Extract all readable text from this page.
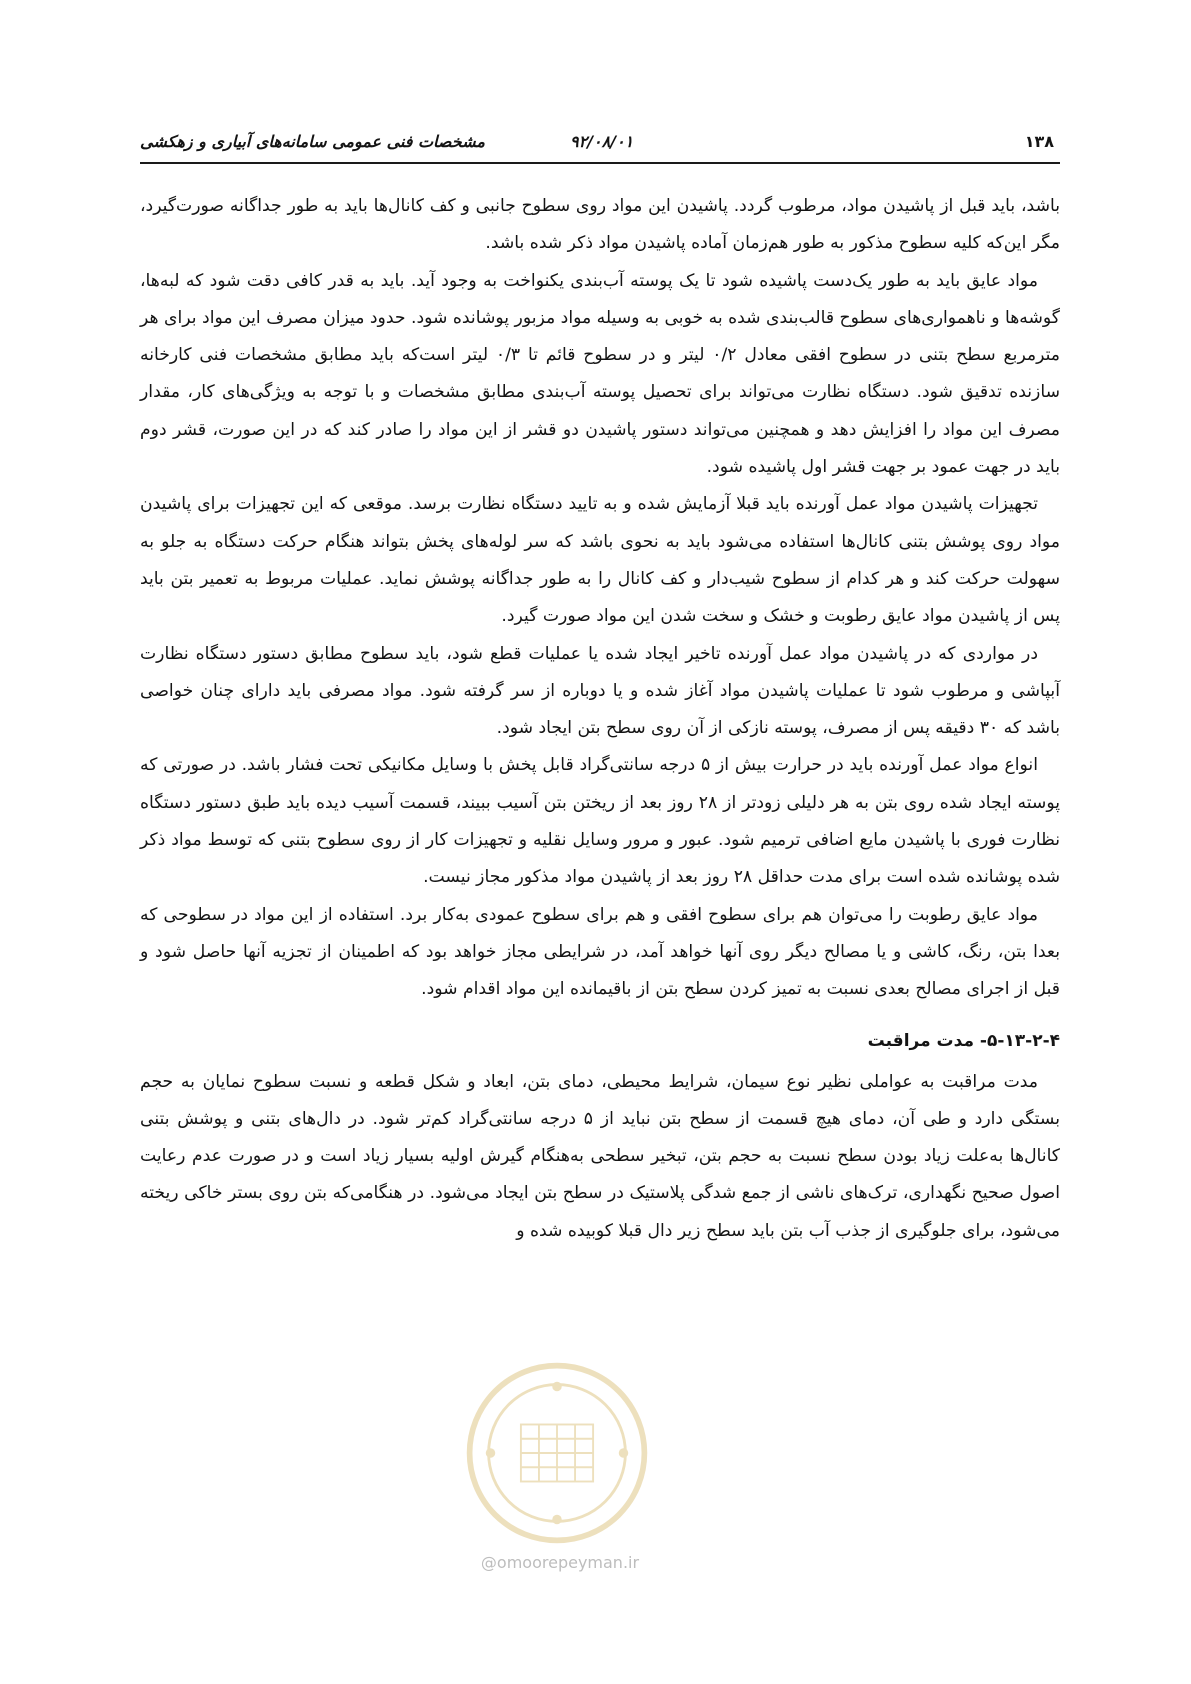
۱۳۸
۹۲/۰۸/۰۱
مشخصات فنی عمومی سامانه‌های آبیاری و زهکشی

باشد، باید قبل از پاشیدن مواد، مرطوب گردد. پاشیدن این مواد روی سطوح جانبی و کف کانال‌ها باید به طور جداگانه صورت‌گیرد، مگر این‌که کلیه سطوح مذکور به طور هم‌زمان آماده پاشیدن مواد ذکر شده باشد.

مواد عایق باید به طور یک‌دست پاشیده شود تا یک پوسته آب‌بندی یکنواخت به وجود آید. باید به قدر کافی دقت شود که لبه‌ها، گوشه‌ها و ناهمواری‌های سطوح قالب‌بندی شده به خوبی به وسیله مواد مزبور پوشانده شود. حدود میزان مصرف این مواد برای هر مترمربع سطح بتنی در سطوح افقی معادل ۰/۲ لیتر و در سطوح قائم تا ۰/۳ لیتر است‌که باید مطابق مشخصات فنی کارخانه سازنده تدقیق شود. دستگاه نظارت می‌تواند برای تحصیل پوسته آب‌بندی مطابق مشخصات و با توجه به ویژگی‌های کار، مقدار مصرف این مواد را افزایش دهد و همچنین می‌تواند دستور پاشیدن دو قشر از این مواد را صادر کند که در این صورت، قشر دوم باید در جهت عمود بر جهت قشر اول پاشیده شود.

تجهیزات پاشیدن مواد عمل آورنده باید قبلا آزمایش شده و به تایید دستگاه نظارت برسد. موقعی که این تجهیزات برای پاشیدن مواد روی پوشش بتنی کانال‌ها استفاده می‌شود باید به نحوی باشد که سر لوله‌های پخش بتواند هنگام حرکت دستگاه به جلو به سهولت حرکت کند و هر کدام از سطوح شیب‌دار و کف کانال را به طور جداگانه پوشش نماید. عملیات مربوط به تعمیر بتن باید پس از پاشیدن مواد عایق رطوبت و خشک و سخت شدن این مواد صورت گیرد.

در مواردی که در پاشیدن مواد عمل آورنده تاخیر ایجاد شده یا عملیات قطع شود، باید سطوح مطابق دستور دستگاه نظارت آبپاشی و مرطوب شود تا عملیات پاشیدن مواد آغاز شده و یا دوباره از سر گرفته شود. مواد مصرفی باید دارای چنان خواصی باشد که ۳۰ دقیقه پس از مصرف، پوسته نازکی از آن روی سطح بتن ایجاد شود.

انواع مواد عمل آورنده باید در حرارت بیش از ۵ درجه سانتی‌گراد قابل پخش با وسایل مکانیکی تحت فشار باشد. در صورتی که پوسته ایجاد شده روی بتن به هر دلیلی زودتر از ۲۸ روز بعد از ریختن بتن آسیب ببیند، قسمت آسیب دیده باید طبق دستور دستگاه نظارت فوری با پاشیدن مایع اضافی ترمیم شود. عبور و مرور وسایل نقلیه و تجهیزات کار از روی سطوح بتنی که توسط مواد ذکر شده پوشانده شده است برای مدت حداقل ۲۸ روز بعد از پاشیدن مواد مذکور مجاز نیست.

مواد عایق رطوبت را می‌توان هم برای سطوح افقی و هم برای سطوح عمودی به‌کار برد. استفاده از این مواد در سطوحی که بعدا بتن، رنگ، کاشی و یا مصالح دیگر روی آنها خواهد آمد، در شرایطی مجاز خواهد بود که اطمینان از تجزیه آنها حاصل شود و قبل از اجرای مصالح بعدی نسبت به تمیز کردن سطح بتن از باقیمانده این مواد اقدام شود.

۵-۱۳-۲-۴- مدت مراقبت

مدت مراقبت به عواملی نظیر نوع سیمان، شرایط محیطی، دمای بتن، ابعاد و شکل قطعه و نسبت سطوح نمایان به حجم بستگی دارد و طی آن، دمای هیچ قسمت از سطح بتن نباید از ۵ درجه سانتی‌گراد کم‌تر شود. در دال‌های بتنی و پوشش بتنی کانال‌ها به‌علت زیاد بودن سطح نسبت به حجم بتن، تبخیر سطحی به‌هنگام گیرش اولیه بسیار زیاد است و در صورت عدم رعایت اصول صحیح نگهداری، ترک‌های ناشی از جمع شدگی پلاستیک در سطح بتن ایجاد می‌شود. در هنگامی‌که بتن روی بستر خاکی ریخته می‌شود، برای جلوگیری از جذب آب بتن باید سطح زیر دال قبلا کوبیده شده و

@omoorepeyman.ir
